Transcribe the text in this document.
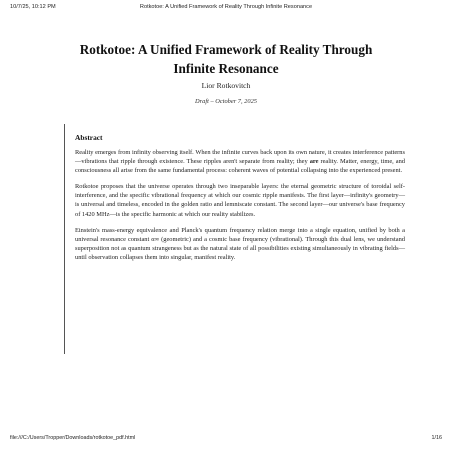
10/7/25, 10:12 PM	Rotkotoe: A Unified Framework of Reality Through Infinite Resonance
Rotkotoe: A Unified Framework of Reality Through
Infinite Resonance
Lior Rotkovitch
Draft – October 7, 2025
Abstract

Reality emerges from infinity observing itself. When the infinite curves back upon its own nature, it creates interference patterns—vibrations that ripple through existence. These ripples aren't separate from reality; they are reality. Matter, energy, time, and consciousness all arise from the same fundamental process: coherent waves of potential collapsing into the experienced present.

Rotkotoe proposes that the universe operates through two inseparable layers: the eternal geometric structure of toroidal self-interference, and the specific vibrational frequency at which our cosmic ripple manifests. The first layer—infinity's geometry—is universal and timeless, encoded in the golden ratio and lemniscate constant. The second layer—our universe's base frequency of 1420 MHz—is the specific harmonic at which our reality stabilizes.

Einstein's mass-energy equivalence and Planck's quantum frequency relation merge into a single equation, unified by both a universal resonance constant α∞ (geometric) and a cosmic base frequency (vibrational). Through this dual lens, we understand superposition not as quantum strangeness but as the natural state of all possibilities existing simultaneously in vibrating fields—until observation collapses them into singular, manifest reality.

file:///C:/Users/Tropper/Downloads/rotkotoe_pdf.html	1/16
